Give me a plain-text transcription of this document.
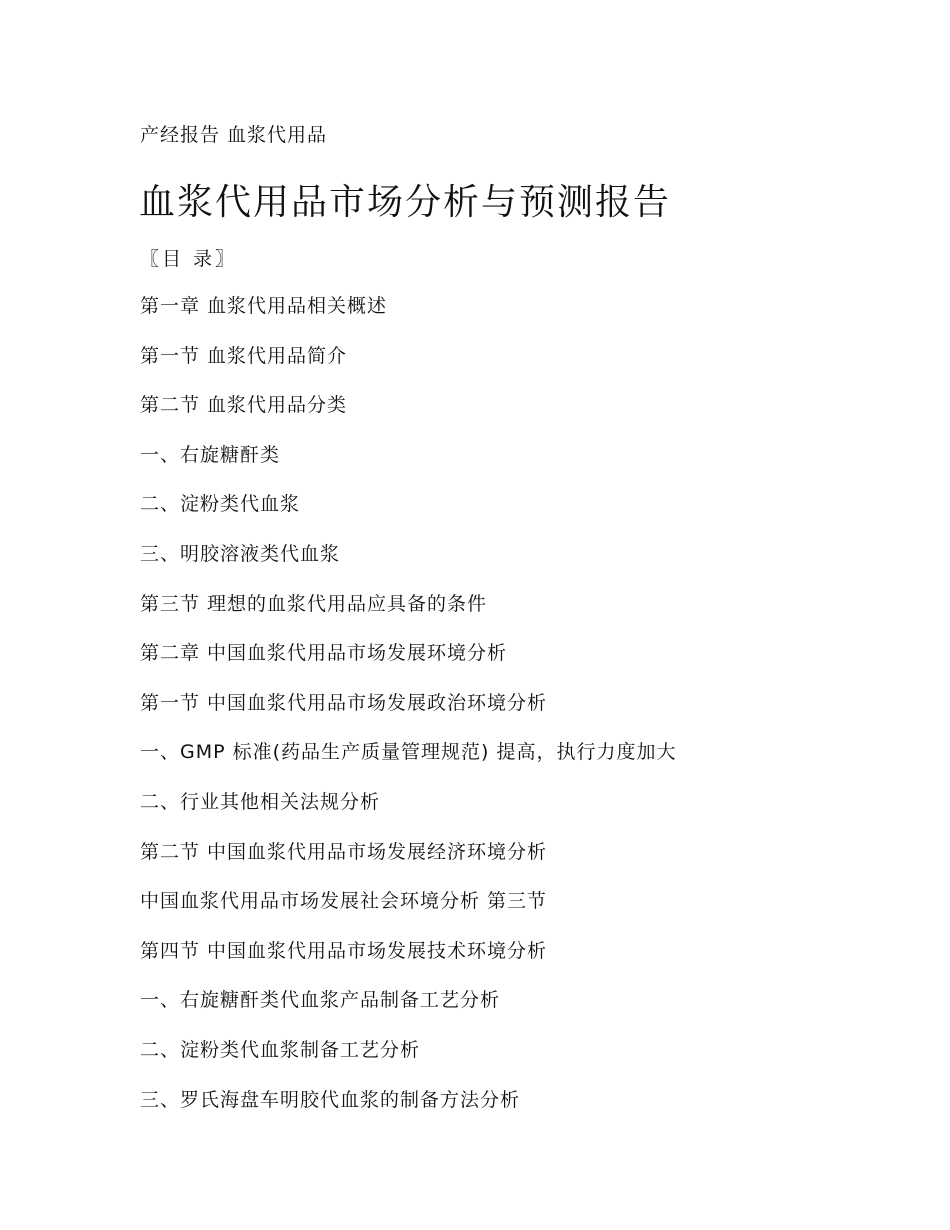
产经报告 血浆代用品
血浆代用品市场分析与预测报告
〖目 录〗
第一章 血浆代用品相关概述
第一节 血浆代用品简介
第二节 血浆代用品分类
一、右旋糖酐类
二、淀粉类代血浆
三、明胶溶液类代血浆
第三节 理想的血浆代用品应具备的条件
第二章 中国血浆代用品市场发展环境分析
第一节 中国血浆代用品市场发展政治环境分析
一、GMP 标准(药品生产质量管理规范) 提高，执行力度加大
二、行业其他相关法规分析
第二节 中国血浆代用品市场发展经济环境分析
中国血浆代用品市场发展社会环境分析 第三节
第四节 中国血浆代用品市场发展技术环境分析
一、右旋糖酐类代血浆产品制备工艺分析
二、淀粉类代血浆制备工艺分析
三、罗氏海盘车明胶代血浆的制备方法分析
